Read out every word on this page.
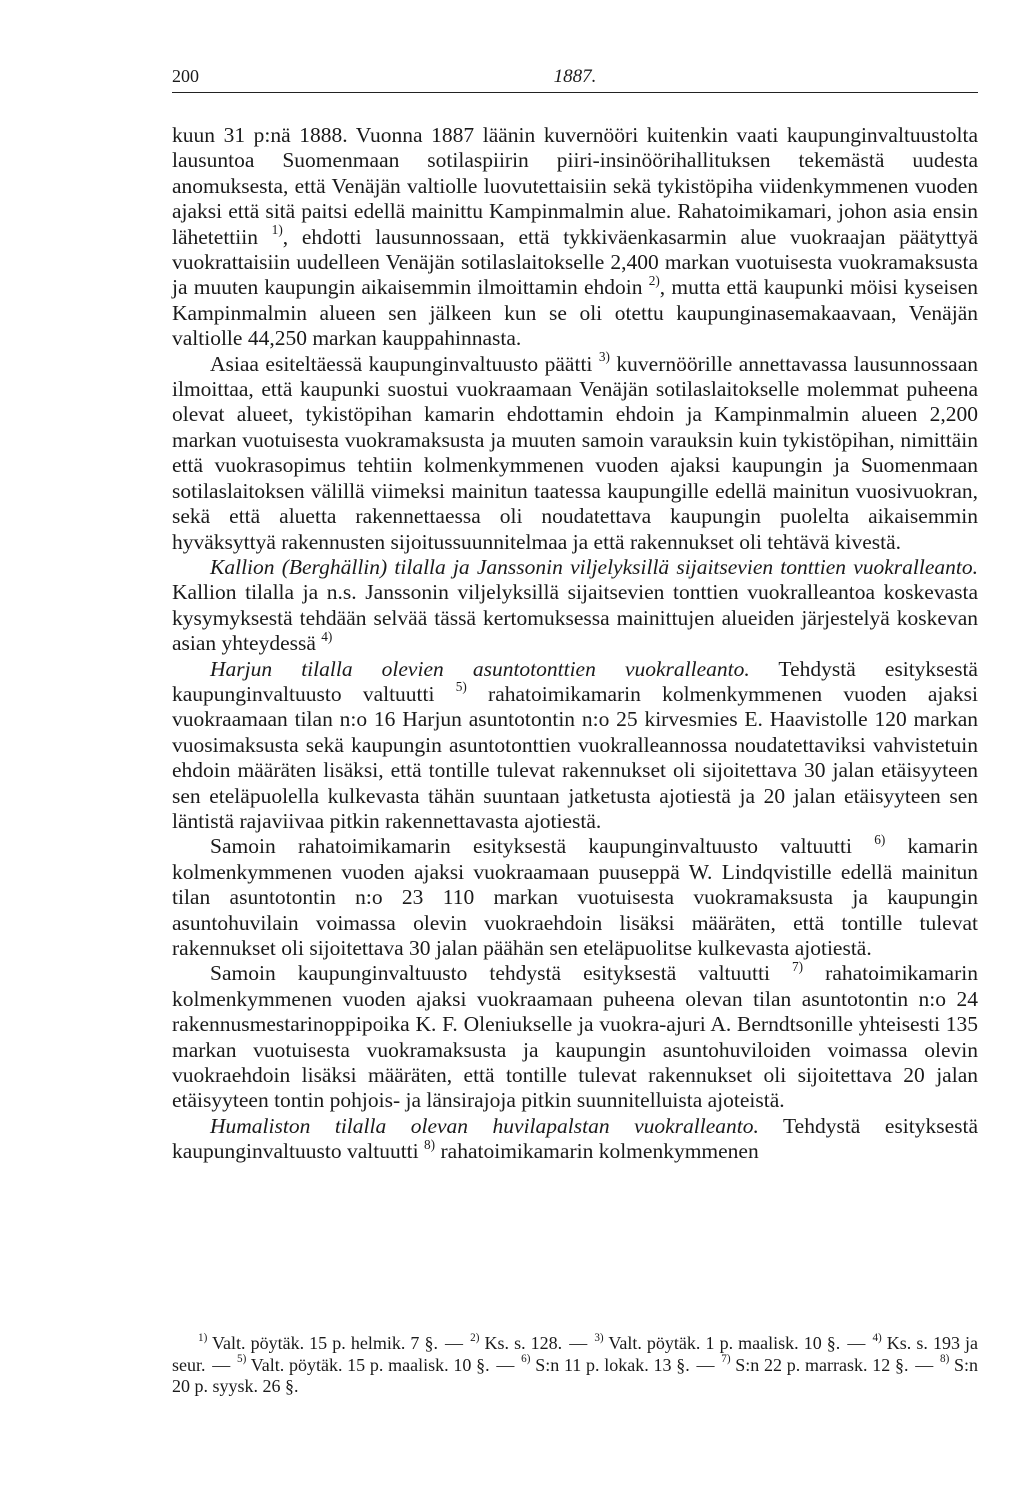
200	1887.

kuun 31 p:nä 1888. Vuonna 1887 läänin kuvernööri kuitenkin vaati kaupunginvaltuustolta lausuntoa Suomenmaan sotilaspiirin piiri-insinöörihallituksen tekemästä uudesta anomuksesta, että Venäjän valtiolle luovutettaisiin sekä tykistöpiha viidenkymmenen vuoden ajaksi että sitä paitsi edellä mainittu Kampinmalmin alue. Rahatoimikamari, johon asia ensin lähetettiin $^{1)}$, ehdotti lausunnossaan, että tykkiväenkasarmin alue vuokraajan päätyttyä vuokrattaisiin uudelleen Venäjän sotilaslaitokselle 2,400 markan vuotuisesta vuokramaksusta ja muuten kaupungin aikaisemmin ilmoittamin ehdoin $^{2)}$, mutta että kaupunki möisi kyseisen Kampinmalmin alueen sen jälkeen kun se oli otettu kaupunginasemakaavaan, Venäjän valtiolle 44,250 markan kauppahinnasta.

Asiaa esiteltäessä kaupunginvaltuusto päätti $^{3)}$ kuvernöörille annettavassa lausunnossaan ilmoittaa, että kaupunki suostui vuokraamaan Venäjän sotilaslaitokselle molemmat puheena olevat alueet, tykistöpihan kamarin ehdottamin ehdoin ja Kampinmalmin alueen 2,200 markan vuotuisesta vuokramaksusta ja muuten samoin varauksin kuin tykistöpihan, nimittäin että vuokrasopimus tehtiin kolmenkymmenen vuoden ajaksi kaupungin ja Suomenmaan sotilaslaitoksen välillä viimeksi mainitun taatessa kaupungille edellä mainitun vuosivuokran, sekä että aluetta rakennettaessa oli noudatettava kaupungin puolelta aikaisemmin hyväksyttyä rakennusten sijoitussuunnitelmaa ja että rakennukset oli tehtävä kivestä.

Kallion (Berghällin) tilalla ja Janssonin viljelyksillä sijaitsevien tonttien vuokralleanto. Kallion tilalla ja n.s. Janssonin viljelyksillä sijaitsevien tonttien vuokralleantoa koskevasta kysymyksestä tehdään selvää tässä kertomuksessa mainittujen alueiden järjestelyä koskevan asian yhteydessä $^{4)}$

Harjun tilalla olevien asuntotonttien vuokralleanto. Tehdystä esityksestä kaupunginvaltuusto valtuutti $^{5)}$ rahatoimikamarin kolmenkymmenen vuoden ajaksi vuokraamaan tilan n:o 16 Harjun asuntotontin n:o 25 kirvesmies E. Haavistolle 120 markan vuosimaksusta sekä kaupungin asuntotonttien vuokralleannossa noudatettaviksi vahvistetuin ehdoin määräten lisäksi, että tontille tulevat rakennukset oli sijoitettava 30 jalan etäisyyteen sen eteläpuolella kulkevasta tähän suuntaan jatketusta ajotiestä ja 20 jalan etäisyyteen sen läntistä rajaviivaa pitkin rakennettavasta ajotiestä.

Samoin rahatoimikamarin esityksestä kaupunginvaltuusto valtuutti $^{6)}$ kamarin kolmenkymmenen vuoden ajaksi vuokraamaan puuseppä W. Lindqvistille edellä mainitun tilan asuntotontin n:o 23 110 markan vuotuisesta vuokramaksusta ja kaupungin asuntohuvilain voimassa olevin vuokraehdoin lisäksi määräten, että tontille tulevat rakennukset oli sijoitettava 30 jalan päähän sen eteläpuolitse kulkevasta ajotiestä.

Samoin kaupunginvaltuusto tehdystä esityksestä valtuutti $^{7)}$ rahatoimikamarin kolmenkymmenen vuoden ajaksi vuokraamaan puheena olevan tilan asuntotontin n:o 24 rakennusmestarinoppipoika K. F. Oleniukselle ja vuokra-ajuri A. Berndtsonille yhteisesti 135 markan vuotuisesta vuokramaksusta ja kaupungin asuntohuviloiden voimassa olevin vuokraehdoin lisäksi määräten, että tontille tulevat rakennukset oli sijoitettava 20 jalan etäisyyteen tontin pohjois- ja länsirajoja pitkin suunnitelluista ajoteistä.

Humaliston tilalla olevan huvilapalstan vuokralleanto. Tehdystä esityksestä kaupunginvaltuusto valtuutti $^{8)}$ rahatoimikamarin kolmenkymmenen

$^{1)}$ Valt. pöytäk. 15 p. helmik. 7 §. — $^{2)}$ Ks. s. 128. — $^{3)}$ Valt. pöytäk. 1 p. maalisk. 10 §. — $^{4)}$ Ks. s. 193 ja seur. — $^{5)}$ Valt. pöytäk. 15 p. maalisk. 10 §. — $^{6)}$ S:n 11 p. lokak. 13 §. — $^{7)}$ S:n 22 p. marrask. 12 §. — $^{8)}$ S:n 20 p. syysk. 26 §.
